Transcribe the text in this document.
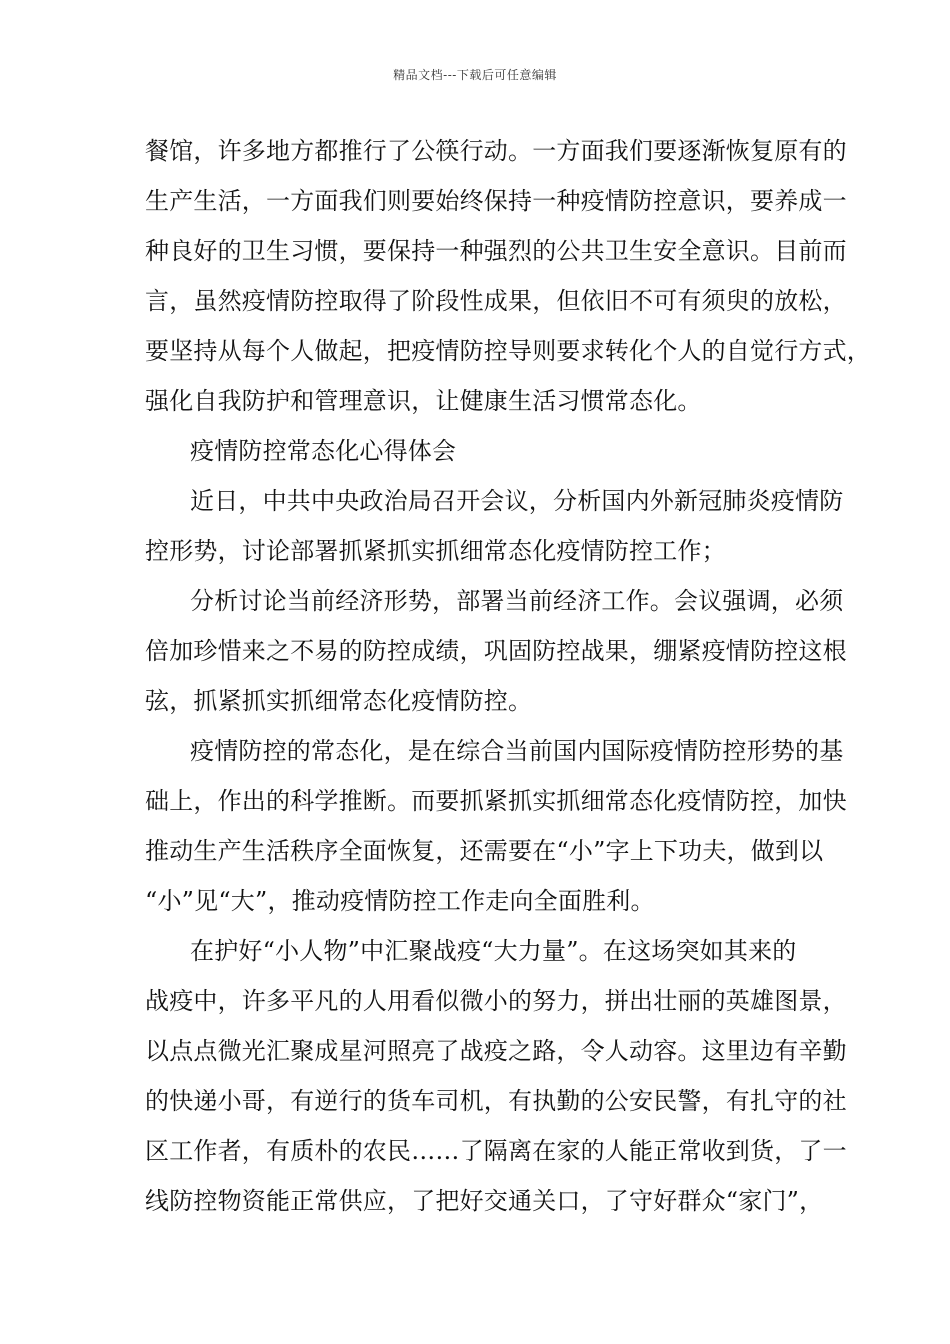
精品文档---下载后可任意编辑
餐馆，许多地方都推行了公筷行动。一方面我们要逐渐恢复原有的
生产生活，一方面我们则要始终保持一种疫情防控意识，要养成一
种良好的卫生习惯，要保持一种强烈的公共卫生安全意识。目前而
言，虽然疫情防控取得了阶段性成果，但依旧不可有须臾的放松，
要坚持从每个人做起，把疫情防控导则要求转化个人的自觉行方式，
强化自我防护和管理意识，让健康生活习惯常态化。
疫情防控常态化心得体会
近日，中共中央政治局召开会议，分析国内外新冠肺炎疫情防
控形势，讨论部署抓紧抓实抓细常态化疫情防控工作；
分析讨论当前经济形势，部署当前经济工作。会议强调，必须
倍加珍惜来之不易的防控成绩，巩固防控战果，绷紧疫情防控这根
弦，抓紧抓实抓细常态化疫情防控。
疫情防控的常态化，是在综合当前国内国际疫情防控形势的基
础上，作出的科学推断。而要抓紧抓实抓细常态化疫情防控，加快
推动生产生活秩序全面恢复，还需要在“小”字上下功夫，做到以
“小”见“大”，推动疫情防控工作走向全面胜利。
在护好“小人物”中汇聚战疫“大力量”。在这场突如其来的
战疫中，许多平凡的人用看似微小的努力，拼出壮丽的英雄图景，
以点点微光汇聚成星河照亮了战疫之路，令人动容。这里边有辛勤
的快递小哥，有逆行的货车司机，有执勤的公安民警，有扎守的社
区工作者，有质朴的农民……了隔离在家的人能正常收到货，了一
线防控物资能正常供应，了把好交通关口，了守好群众“家门”，
